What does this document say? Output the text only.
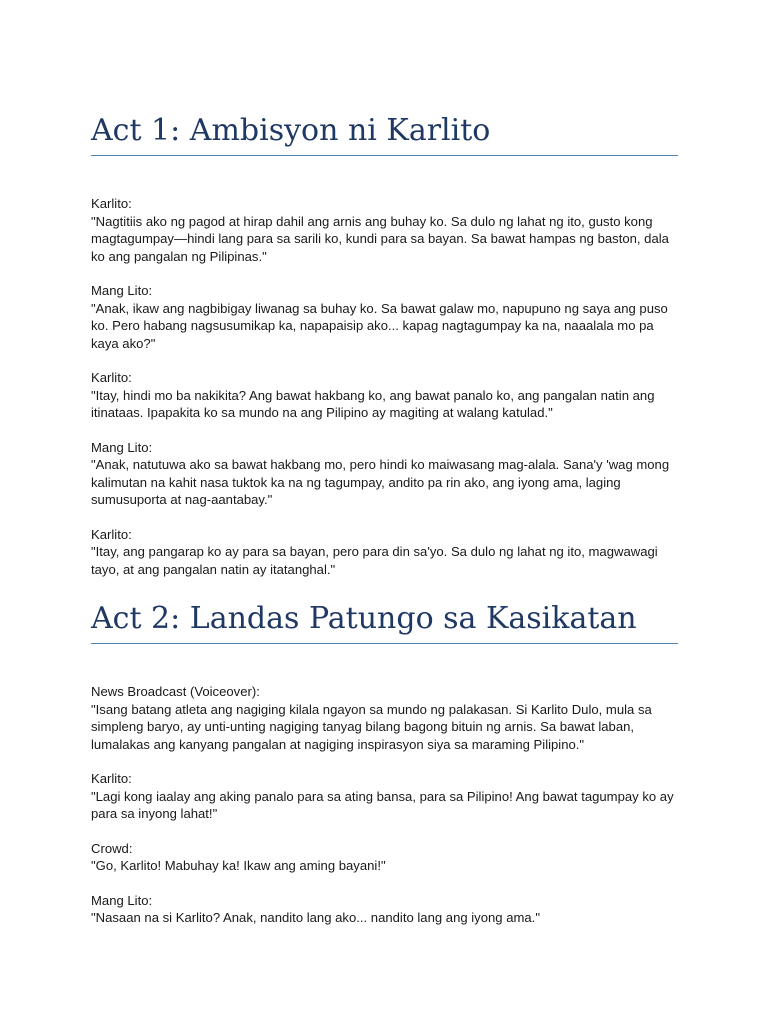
Act 1: Ambisyon ni Karlito

Karlito:
"Nagtitiis ako ng pagod at hirap dahil ang arnis ang buhay ko. Sa dulo ng lahat ng ito, gusto kong magtagumpay—hindi lang para sa sarili ko, kundi para sa bayan. Sa bawat hampas ng baston, dala ko ang pangalan ng Pilipinas."

Mang Lito:
"Anak, ikaw ang nagbibigay liwanag sa buhay ko. Sa bawat galaw mo, napupuno ng saya ang puso ko. Pero habang nagsusumikap ka, napapaisip ako... kapag nagtagumpay ka na, naaalala mo pa kaya ako?"

Karlito:
"Itay, hindi mo ba nakikita? Ang bawat hakbang ko, ang bawat panalo ko, ang pangalan natin ang itinataas. Ipapakita ko sa mundo na ang Pilipino ay magiting at walang katulad."

Mang Lito:
"Anak, natutuwa ako sa bawat hakbang mo, pero hindi ko maiwasang mag-alala. Sana'y 'wag mong kalimutan na kahit nasa tuktok ka na ng tagumpay, andito pa rin ako, ang iyong ama, laging sumusuporta at nag-aantabay."

Karlito:
"Itay, ang pangarap ko ay para sa bayan, pero para din sa'yo. Sa dulo ng lahat ng ito, magwawagi tayo, at ang pangalan natin ay itatanghal."

Act 2: Landas Patungo sa Kasikatan

News Broadcast (Voiceover):
"Isang batang atleta ang nagiging kilala ngayon sa mundo ng palakasan. Si Karlito Dulo, mula sa simpleng baryo, ay unti-unting nagiging tanyag bilang bagong bituin ng arnis. Sa bawat laban, lumalakas ang kanyang pangalan at nagiging inspirasyon siya sa maraming Pilipino."

Karlito:
"Lagi kong iaalay ang aking panalo para sa ating bansa, para sa Pilipino! Ang bawat tagumpay ko ay para sa inyong lahat!"

Crowd:
"Go, Karlito! Mabuhay ka! Ikaw ang aming bayani!"

Mang Lito:
"Nasaan na si Karlito? Anak, nandito lang ako... nandito lang ang iyong ama."
